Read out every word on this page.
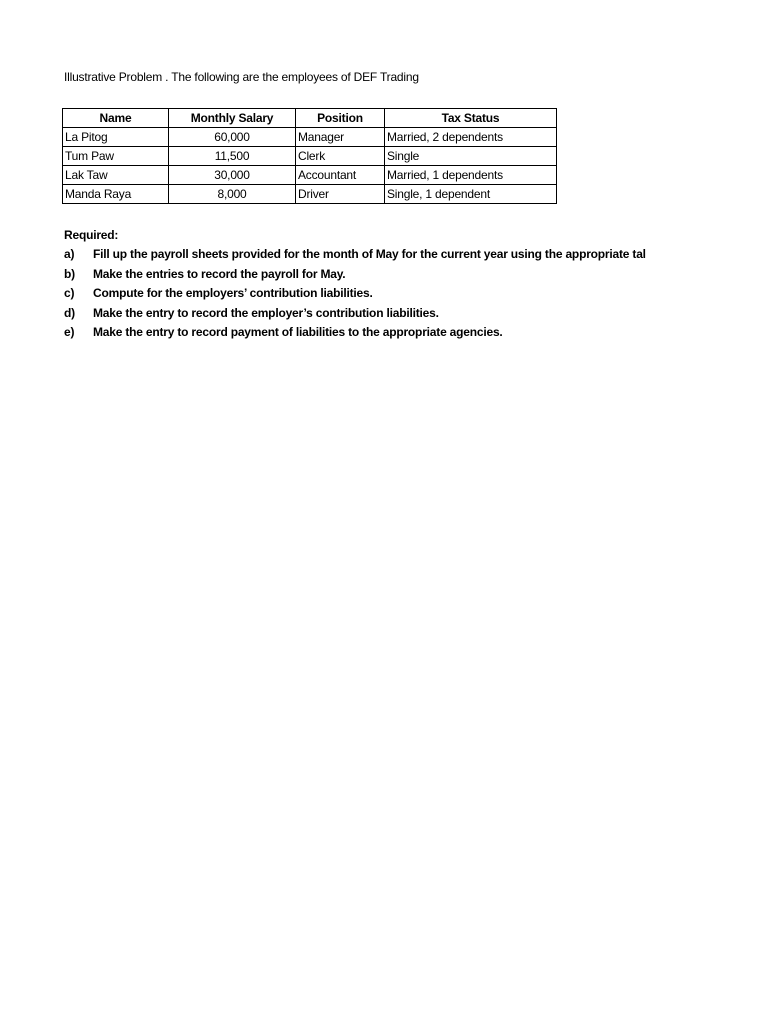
Illustrative Problem . The following are the employees of DEF Trading
Name	Monthly Salary	Position	Tax Status
La Pitog	60,000	Manager	Married, 2 dependents
Tum Paw	11,500	Clerk	Single
Lak Taw	30,000	Accountant	Married, 1 dependents
Manda Raya	8,000	Driver	Single, 1 dependent
Required:
a) Fill up the payroll sheets provided for the month of May for the current year using the appropriate tal
b) Make the entries to record the payroll for May.
c) Compute for the employers’ contribution liabilities.
d) Make the entry to record the employer’s contribution liabilities.
e) Make the entry to record payment of liabilities to the appropriate agencies.
